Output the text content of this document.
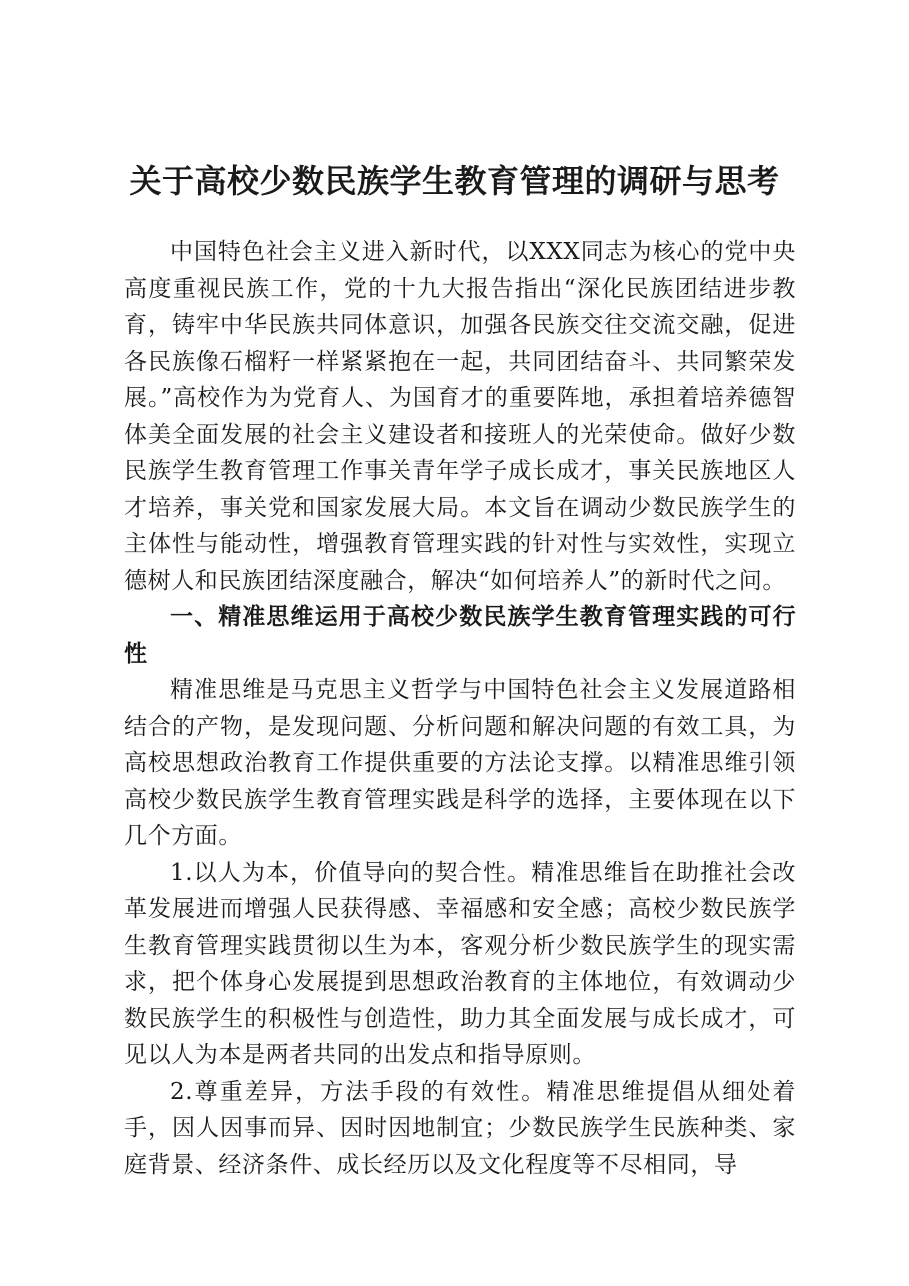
关于高校少数民族学生教育管理的调研与思考

中国特色社会主义进入新时代，以XXX同志为核心的党中央高度重视民族工作，党的十九大报告指出“深化民族团结进步教育，铸牢中华民族共同体意识，加强各民族交往交流交融，促进各民族像石榴籽一样紧紧抱在一起，共同团结奋斗、共同繁荣发展。”高校作为为党育人、为国育才的重要阵地，承担着培养德智体美全面发展的社会主义建设者和接班人的光荣使命。做好少数民族学生教育管理工作事关青年学子成长成才，事关民族地区人才培养，事关党和国家发展大局。本文旨在调动少数民族学生的主体性与能动性，增强教育管理实践的针对性与实效性，实现立德树人和民族团结深度融合，解决“如何培养人”的新时代之问。

一、精准思维运用于高校少数民族学生教育管理实践的可行性

精准思维是马克思主义哲学与中国特色社会主义发展道路相结合的产物，是发现问题、分析问题和解决问题的有效工具，为高校思想政治教育工作提供重要的方法论支撑。以精准思维引领高校少数民族学生教育管理实践是科学的选择，主要体现在以下几个方面。

1.以人为本，价值导向的契合性。精准思维旨在助推社会改革发展进而增强人民获得感、幸福感和安全感；高校少数民族学生教育管理实践贯彻以生为本，客观分析少数民族学生的现实需求，把个体身心发展提到思想政治教育的主体地位，有效调动少数民族学生的积极性与创造性，助力其全面发展与成长成才，可见以人为本是两者共同的出发点和指导原则。

2.尊重差异，方法手段的有效性。精准思维提倡从细处着手，因人因事而异、因时因地制宜；少数民族学生民族种类、家庭背景、经济条件、成长经历以及文化程度等不尽相同，导
